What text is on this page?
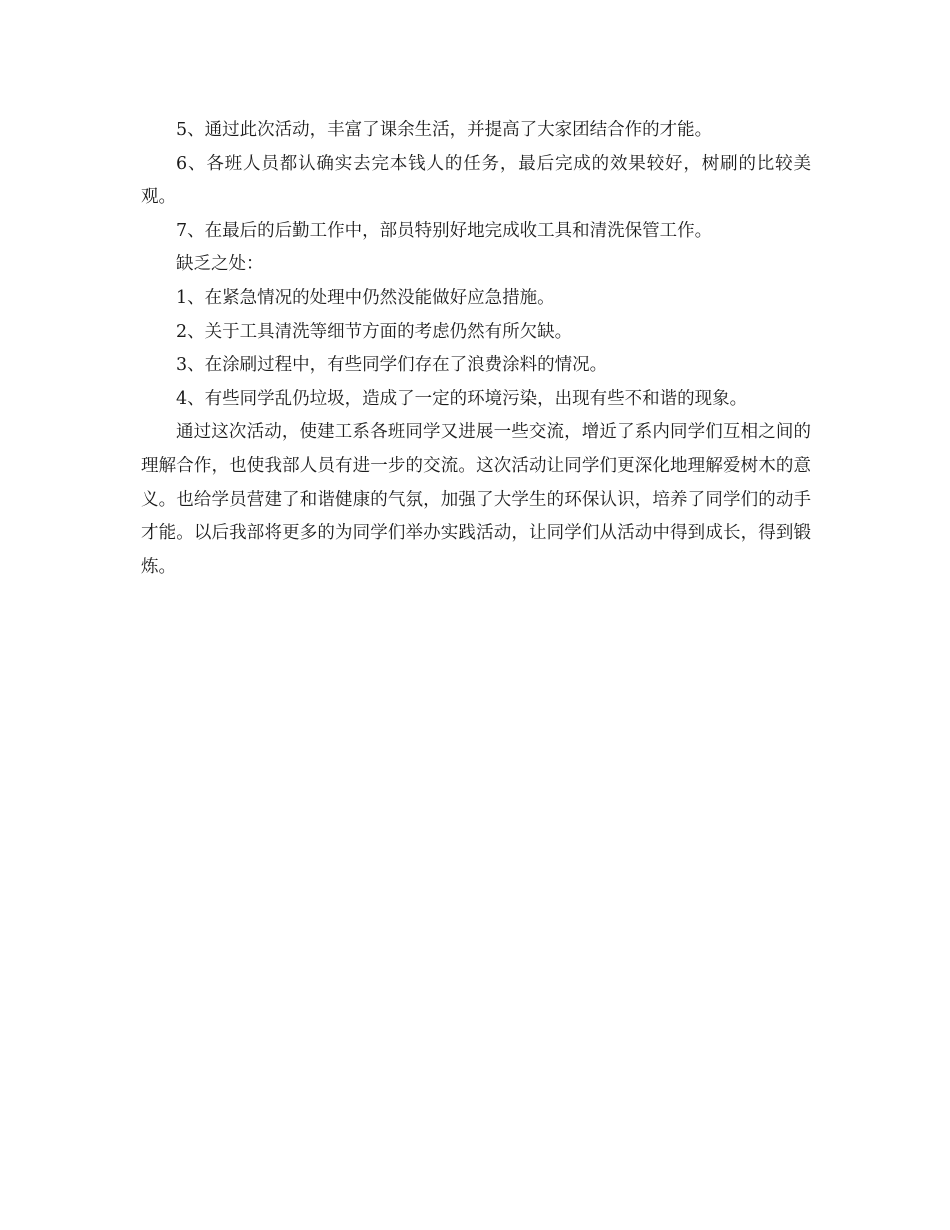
5、通过此次活动，丰富了课余生活，并提高了大家团结合作的才能。

6、各班人员都认确实去完本钱人的任务，最后完成的效果较好，树刷的比较美观。

7、在最后的后勤工作中，部员特别好地完成收工具和清洗保管工作。

缺乏之处：

1、在紧急情况的处理中仍然没能做好应急措施。

2、关于工具清洗等细节方面的考虑仍然有所欠缺。

3、在涂刷过程中，有些同学们存在了浪费涂料的情况。

4、有些同学乱仍垃圾，造成了一定的环境污染，出现有些不和谐的现象。

通过这次活动，使建工系各班同学又进展一些交流，增近了系内同学们互相之间的理解合作，也使我部人员有进一步的交流。这次活动让同学们更深化地理解爱树木的意义。也给学员营建了和谐健康的气氛，加强了大学生的环保认识，培养了同学们的动手才能。以后我部将更多的为同学们举办实践活动，让同学们从活动中得到成长，得到锻炼。
